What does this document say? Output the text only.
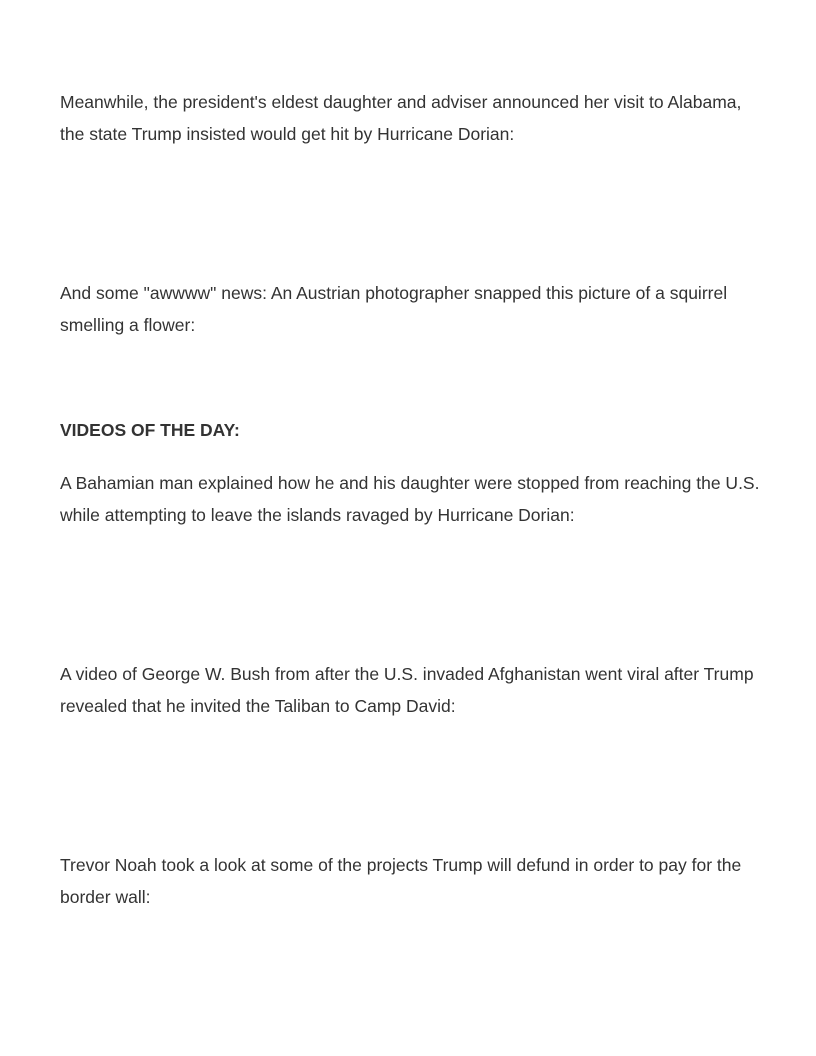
Meanwhile, the president's eldest daughter and adviser announced her visit to Alabama, the state Trump insisted would get hit by Hurricane Dorian:

And some "awwww" news: An Austrian photographer snapped this picture of a squirrel smelling a flower:

VIDEOS OF THE DAY:

A Bahamian man explained how he and his daughter were stopped from reaching the U.S. while attempting to leave the islands ravaged by Hurricane Dorian:

A video of George W. Bush from after the U.S. invaded Afghanistan went viral after Trump revealed that he invited the Taliban to Camp David:

Trevor Noah took a look at some of the projects Trump will defund in order to pay for the border wall:
